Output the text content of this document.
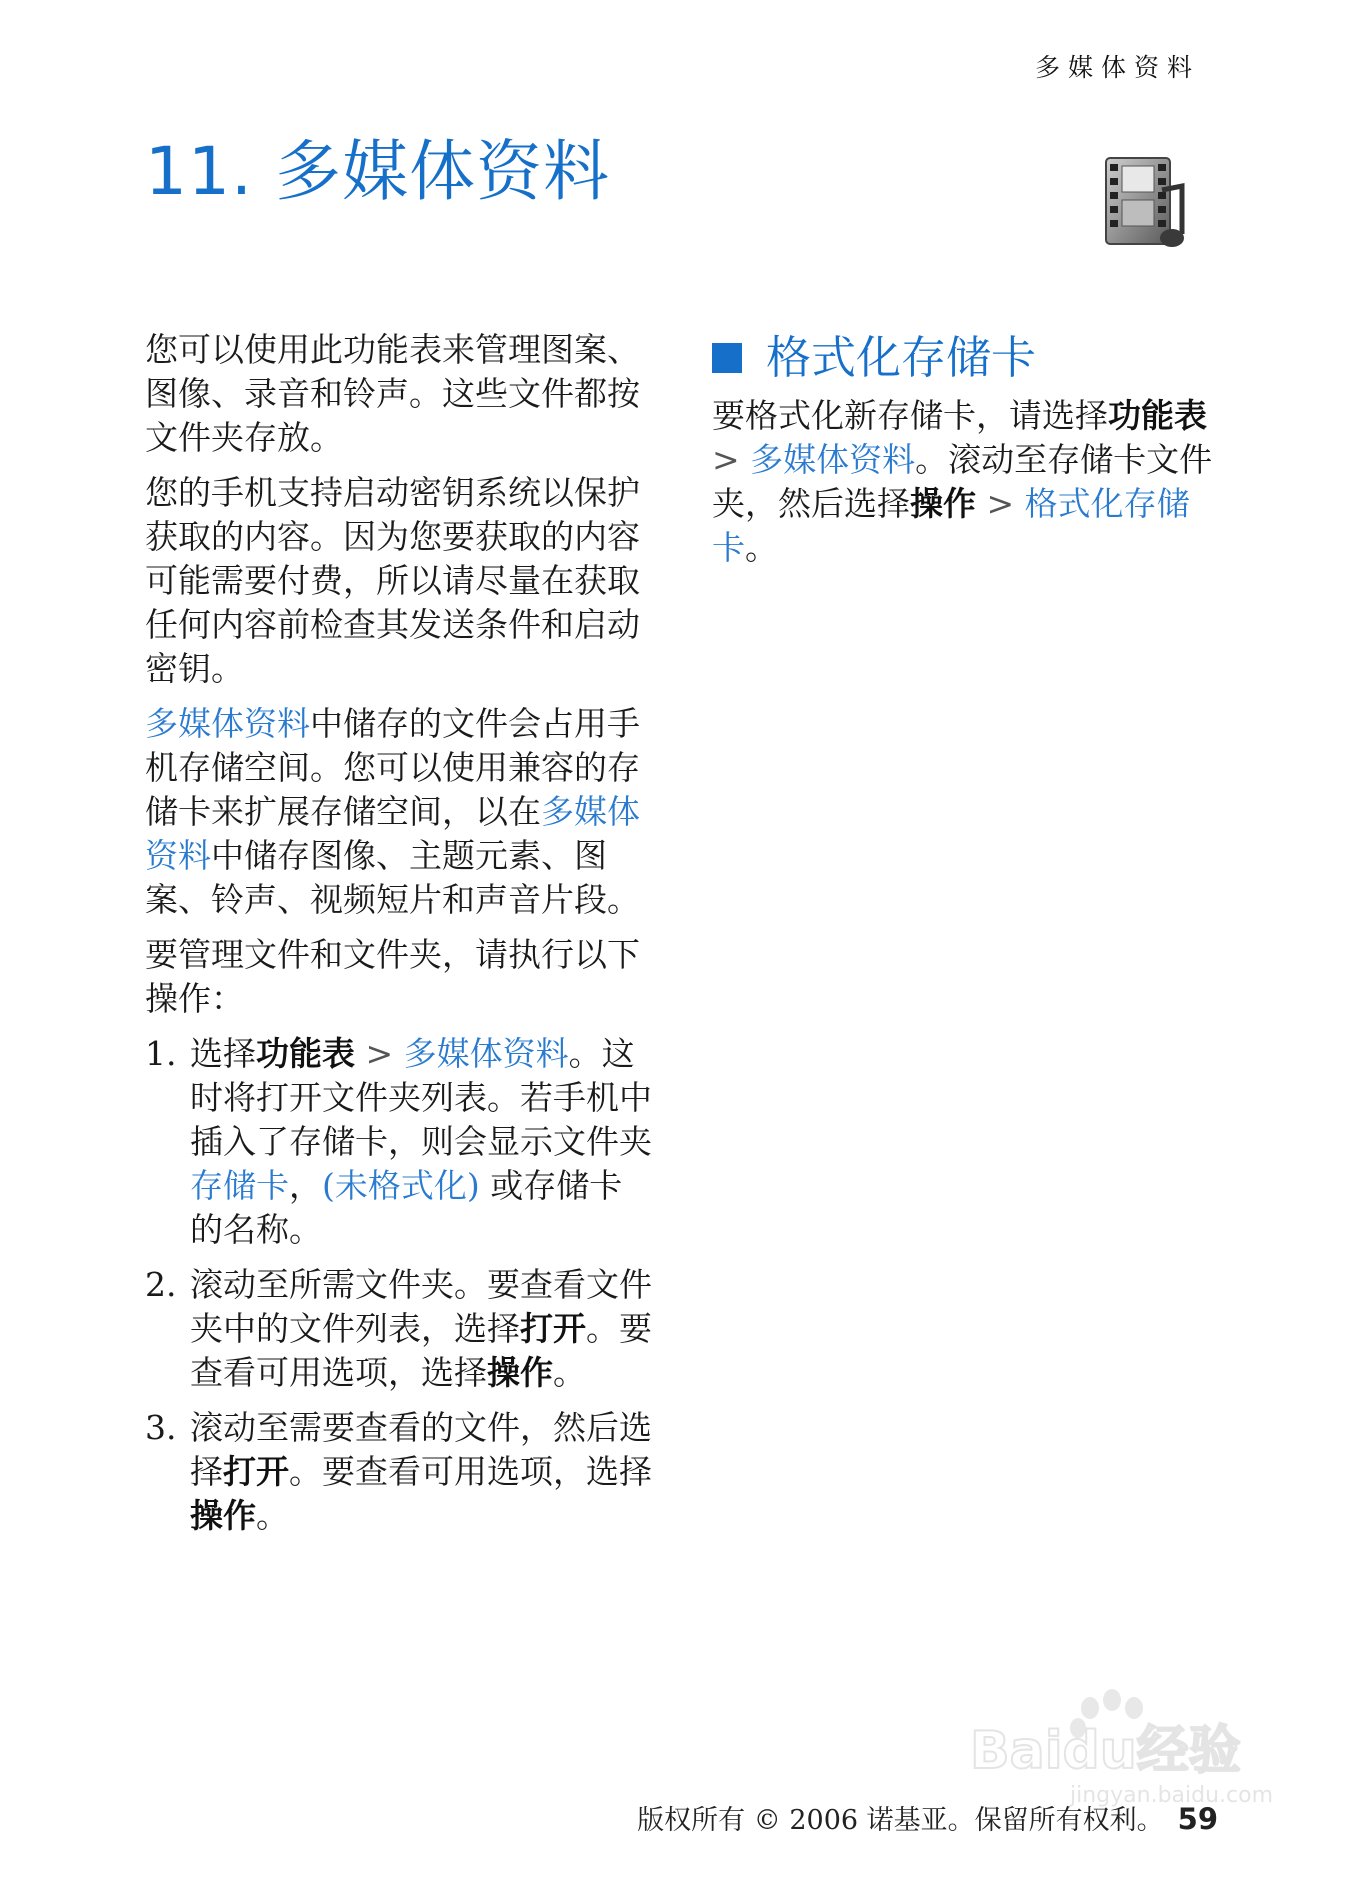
多媒体资料
11. 多媒体资料

您可以使用此功能表来管理图案、图像、录音和铃声。这些文件都按文件夹存放。

您的手机支持启动密钥系统以保护获取的内容。因为您要获取的内容可能需要付费，所以请尽量在获取任何内容前检查其发送条件和启动密钥。

多媒体资料中储存的文件会占用手机存储空间。您可以使用兼容的存储卡来扩展存储空间，以在多媒体资料中储存图像、主题元素、图案、铃声、视频短片和声音片段。

要管理文件和文件夹，请执行以下操作：

1. 选择功能表 > 多媒体资料。这时将打开文件夹列表。若手机中插入了存储卡，则会显示文件夹存储卡，(未格式化) 或存储卡的名称。
2. 滚动至所需文件夹。要查看文件夹中的文件列表，选择打开。要查看可用选项，选择操作。
3. 滚动至需要查看的文件，然后选择打开。要查看可用选项，选择操作。
格式化存储卡

要格式化新存储卡，请选择功能表 > 多媒体资料。滚动至存储卡文件夹，然后选择操作 > 格式化存储卡。

Baidu经验
jingyan.baidu.com
版权所有 © 2006 诺基亚。保留所有权利。 59
